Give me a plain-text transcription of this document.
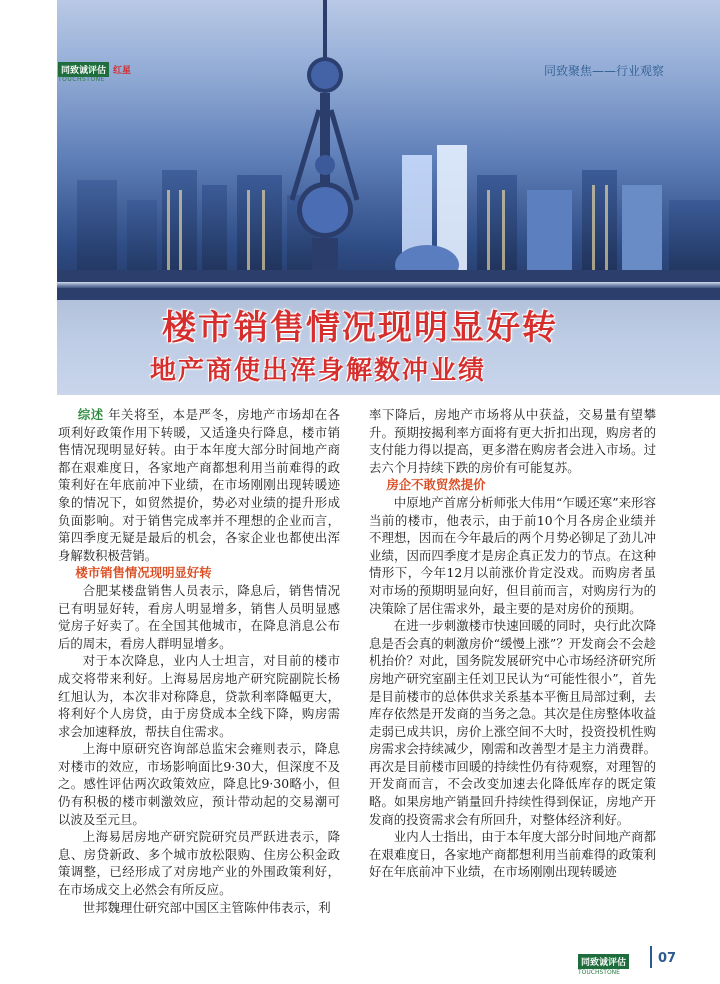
同致诚评估 红星
TOUCHSTONE
同致聚焦——行业观察
楼市销售情况现明显好转
地产商使出浑身解数冲业绩

综述 年关将至，本是严冬，房地产市场却在各项利好政策作用下转暖，又适逢央行降息，楼市销售情况现明显好转。由于本年度大部分时间地产商都在艰难度日，各家地产商都想利用当前难得的政策利好在年底前冲下业绩，在市场刚刚出现转暖迹象的情况下，如贸然提价，势必对业绩的提升形成负面影响。对于销售完成率并不理想的企业而言，第四季度无疑是最后的机会，各家企业也都使出浑身解数积极营销。

楼市销售情况现明显好转

合肥某楼盘销售人员表示，降息后，销售情况已有明显好转，看房人明显增多，销售人员明显感觉房子好卖了。在全国其他城市，在降息消息公布后的周末，看房人群明显增多。

对于本次降息，业内人士坦言，对目前的楼市成交将带来利好。上海易居房地产研究院副院长杨红旭认为，本次非对称降息，贷款利率降幅更大，将利好个人房贷，由于房贷成本全线下降，购房需求会加速释放，帮扶自住需求。

上海中原研究咨询部总监宋会雍则表示，降息对楼市的效应，市场影响面比9·30大，但深度不及之。感性评估两次政策效应，降息比9·30略小，但仍有积极的楼市刺激效应，预计带动起的交易潮可以波及至元旦。

上海易居房地产研究院研究员严跃进表示，降息、房贷新政、多个城市放松限购、住房公积金政策调整，已经形成了对房地产业的外围政策利好，在市场成交上必然会有所反应。

世邦魏理仕研究部中国区主管陈仲伟表示，利

率下降后，房地产市场将从中获益，交易量有望攀升。预期按揭利率方面将有更大折扣出现，购房者的支付能力得以提高，更多潜在购房者会进入市场。过去六个月持续下跌的房价有可能复苏。

房企不敢贸然提价

中原地产首席分析师张大伟用“乍暖还寒”来形容当前的楼市，他表示，由于前10个月各房企业绩并不理想，因而在今年最后的两个月势必铆足了劲儿冲业绩，因而四季度才是房企真正发力的节点。在这种情形下，今年12月以前涨价肯定没戏。而购房者虽对市场的预期明显向好，但目前而言，对购房行为的决策除了居住需求外，最主要的是对房价的预期。

在进一步刺激楼市快速回暖的同时，央行此次降息是否会真的刺激房价“缓慢上涨”？开发商会不会趁机抬价？对此，国务院发展研究中心市场经济研究所房地产研究室副主任刘卫民认为“可能性很小”，首先是目前楼市的总体供求关系基本平衡且局部过剩，去库存依然是开发商的当务之急。其次是住房整体收益走弱已成共识，房价上涨空间不大时，投资投机性购房需求会持续减少，刚需和改善型才是主力消费群。再次是目前楼市回暖的持续性仍有待观察，对理智的开发商而言，不会改变加速去化降低库存的既定策略。如果房地产销量回升持续性得到保证，房地产开发商的投资需求会有所回升，对整体经济利好。

业内人士指出，由于本年度大部分时间地产商都在艰难度日，各家地产商都想利用当前难得的政策利好在年底前冲下业绩，在市场刚刚出现转暖迹

同致诚评估
TOUCHSTONE
07
